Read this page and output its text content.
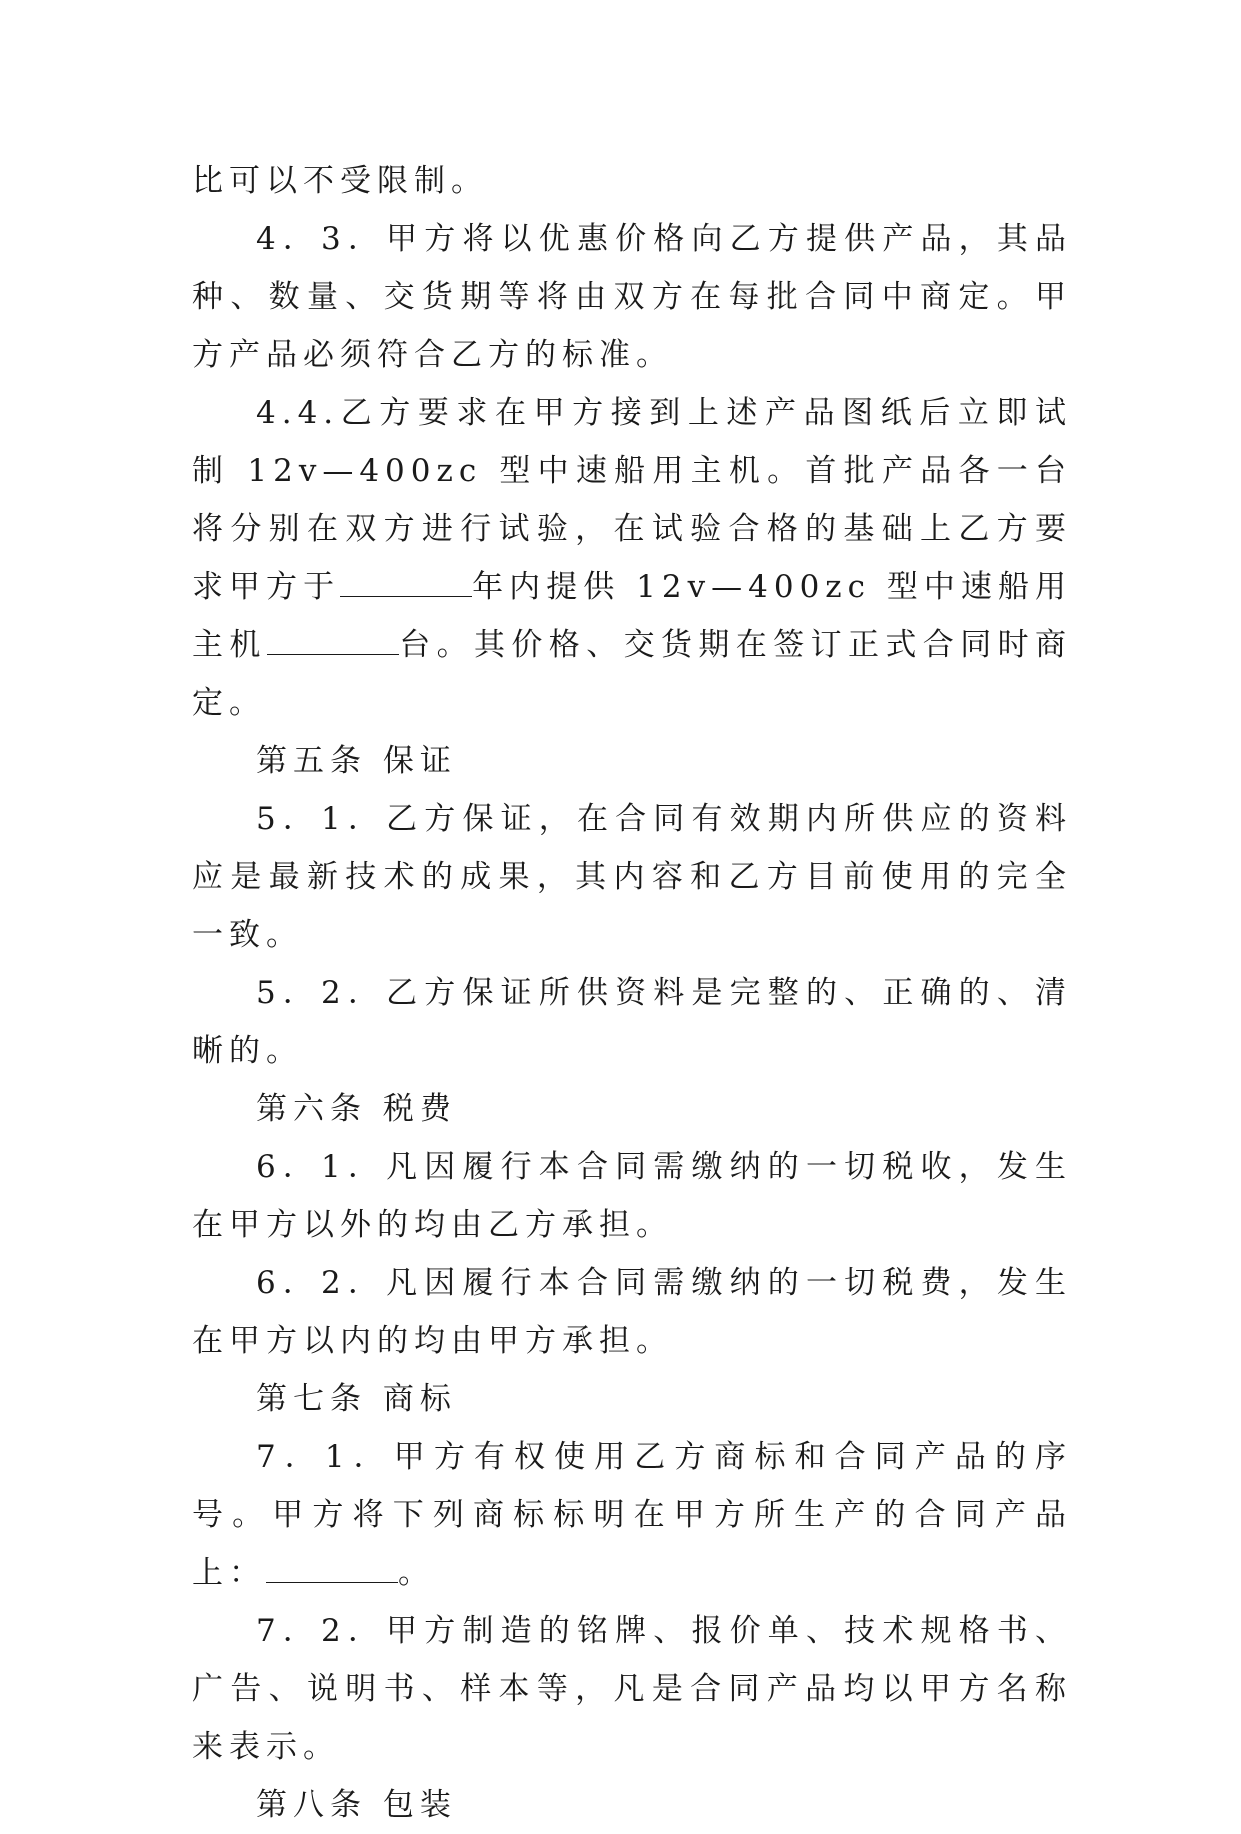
比可以不受限制。

4．3．甲方将以优惠价格向乙方提供产品，其品种、数量、交货期等将由双方在每批合同中商定。甲方产品必须符合乙方的标准。

4.4.乙方要求在甲方接到上述产品图纸后立即试制 12v—400zc 型中速船用主机。首批产品各一台将分别在双方进行试验，在试验合格的基础上乙方要求甲方于	年内提供 12v—400zc 型中速船用主机	台。其价格、交货期在签订正式合同时商定。

第五条 保证

5．1．乙方保证，在合同有效期内所供应的资料应是最新技术的成果，其内容和乙方目前使用的完全一致。

5．2．乙方保证所供资料是完整的、正确的、清晰的。

第六条 税费

6．1．凡因履行本合同需缴纳的一切税收，发生在甲方以外的均由乙方承担。

6．2．凡因履行本合同需缴纳的一切税费，发生在甲方以内的均由甲方承担。

第七条 商标

7．1．甲方有权使用乙方商标和合同产品的序号。甲方将下列商标标明在甲方所生产的合同产品上：	。

7．2．甲方制造的铭牌、报价单、技术规格书、广告、说明书、样本等，凡是合同产品均以甲方名称来表示。

第八条 包装
